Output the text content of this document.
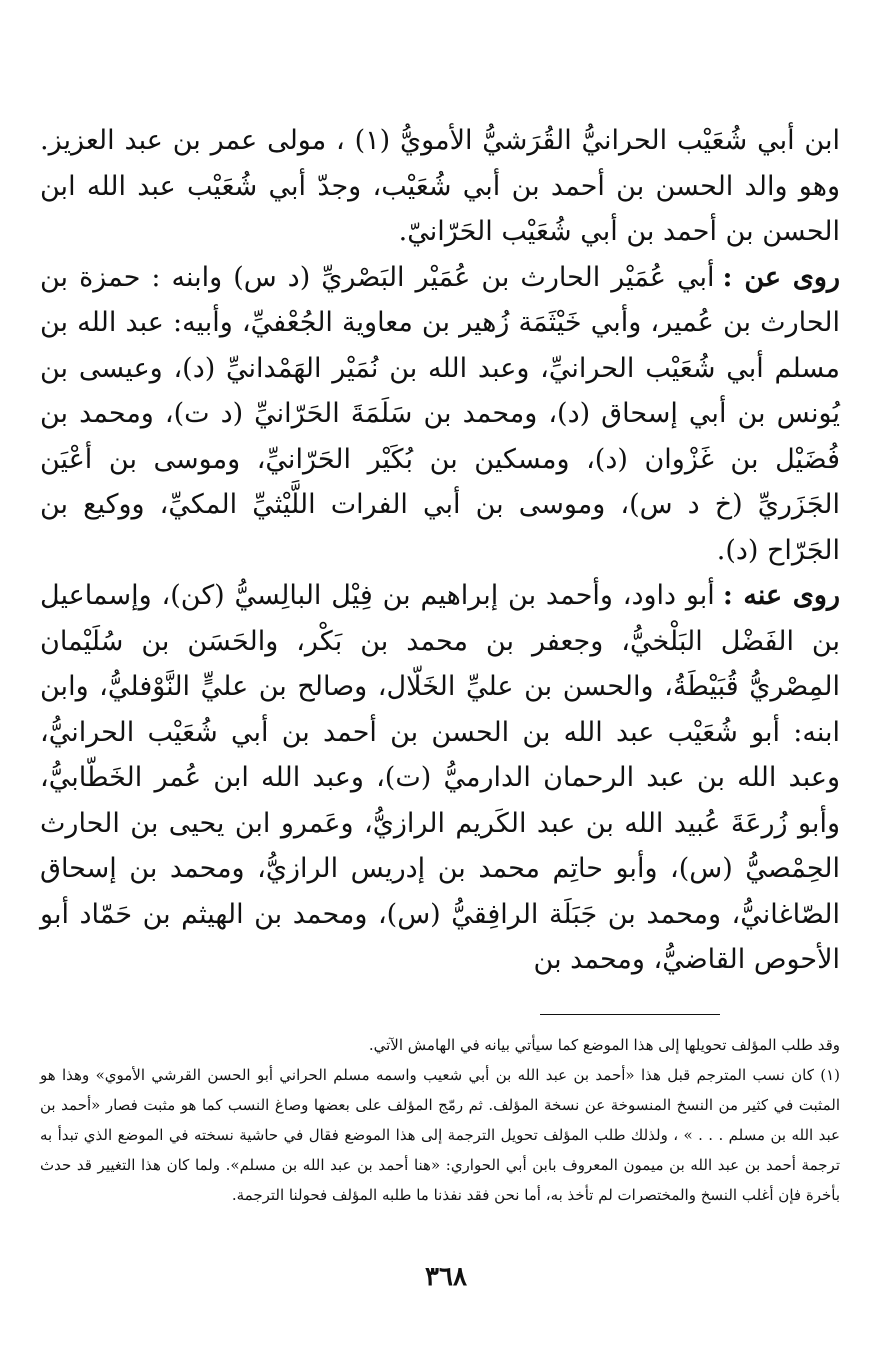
ابن أبي شُعَيْب الحرانيُّ القُرَشيُّ الأمويُّ (١) ، مولى عمر بن عبد العزيز. وهو والد الحسن بن أحمد بن أبي شُعَيْب، وجدّ أبي شُعَيْب عبد الله ابن الحسن بن أحمد بن أبي شُعَيْب الحَرّانيّ.

روى عن :أبي عُمَيْر الحارث بن عُمَيْر البَصْريِّ (د س) وابنه : حمزة بن الحارث بن عُمير، وأبي خَيْثَمَة زُهير بن معاوية الجُعْفيِّ، وأبيه: عبد الله بن مسلم أبي شُعَيْب الحرانيِّ، وعبد الله بن نُمَيْر الهَمْدانيِّ (د)، وعيسى بن يُونس بن أبي إسحاق (د)، ومحمد بن سَلَمَةَ الحَرّانيِّ (د ت)، ومحمد بن فُضَيْل بن غَزْوان (د)، ومسكين بن بُكَيْر الحَرّانيِّ، وموسى بن أعْيَن الجَزَريِّ (خ د س)، وموسى بن أبي الفرات اللَّيْثيِّ المكيِّ، ووكيع بن الجَرّاح (د).

روى عنه :أبو داود، وأحمد بن إبراهيم بن فِيْل البالِسيُّ (كن)، وإسماعيل بن الفَضْل البَلْخيُّ، وجعفر بن محمد بن بَكْر، والحَسَن بن سُلَيْمان المِصْريُّ قُبَيْطَةُ، والحسن بن عليِّ الخَلّال، وصالح بن عليٍّ النَّوْفليُّ، وابن ابنه: أبو شُعَيْب عبد الله بن الحسن بن أحمد بن أبي شُعَيْب الحرانيُّ، وعبد الله بن عبد الرحمان الدارميُّ (ت)، وعبد الله ابن عُمر الخَطّابيُّ، وأبو زُرعَةَ عُبيد الله بن عبد الكَريم الرازيُّ، وعَمرو ابن يحيى بن الحارث الحِمْصيُّ (س)، وأبو حاتِم محمد بن إدريس الرازيُّ، ومحمد بن إسحاق الصّاغانيُّ، ومحمد بن جَبَلَة الرافِقيُّ (س)، ومحمد بن الهيثم بن حَمّاد أبو الأحوص القاضيُّ، ومحمد بن

وقد طلب المؤلف تحويلها إلى هذا الموضع كما سيأتي بيانه في الهامش الآتي.

(١) كان نسب المترجم قبل هذا «أحمد بن عبد الله بن أبي شعيب واسمه مسلم الحراني أبو الحسن القرشي الأموي» وهذا هو المثبت في كثير من النسخ المنسوخة عن نسخة المؤلف. ثم رمّج المؤلف على بعضها وصاغ النسب كما هو مثبت فصار «أحمد بن عبد الله بن مسلم . . . » ، ولذلك طلب المؤلف تحويل الترجمة إلى هذا الموضع فقال في حاشية نسخته في الموضع الذي تبدأ به ترجمة أحمد بن عبد الله بن ميمون المعروف بابن أبي الحواري: «هنا أحمد بن عبد الله بن مسلم». ولما كان هذا التغيير قد حدث بأخرة فإن أغلب النسخ والمختصرات لم تأخذ به، أما نحن فقد نفذنا ما طلبه المؤلف فحولنا الترجمة.

٣٦٨
